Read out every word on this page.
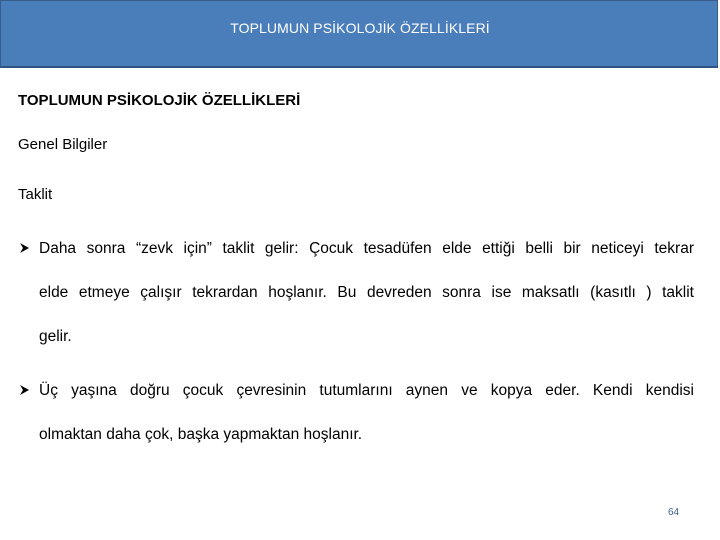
TOPLUMUN PSİKOLOJİK ÖZELLİKLERİ
TOPLUMUN PSİKOLOJİK ÖZELLİKLERİ
Genel Bilgiler
Taklit
Daha sonra “zevk için” taklit gelir: Çocuk tesadüfen elde ettiği belli bir neticeyi tekrar
elde etmeye çalışır tekrardan hoşlanır. Bu devreden sonra ise maksatlı (kasıtlı ) taklit
gelir.
Üç yaşına doğru çocuk çevresinin tutumlarını aynen ve kopya eder. Kendi kendisi
olmaktan daha çok, başka yapmaktan hoşlanır.
64
